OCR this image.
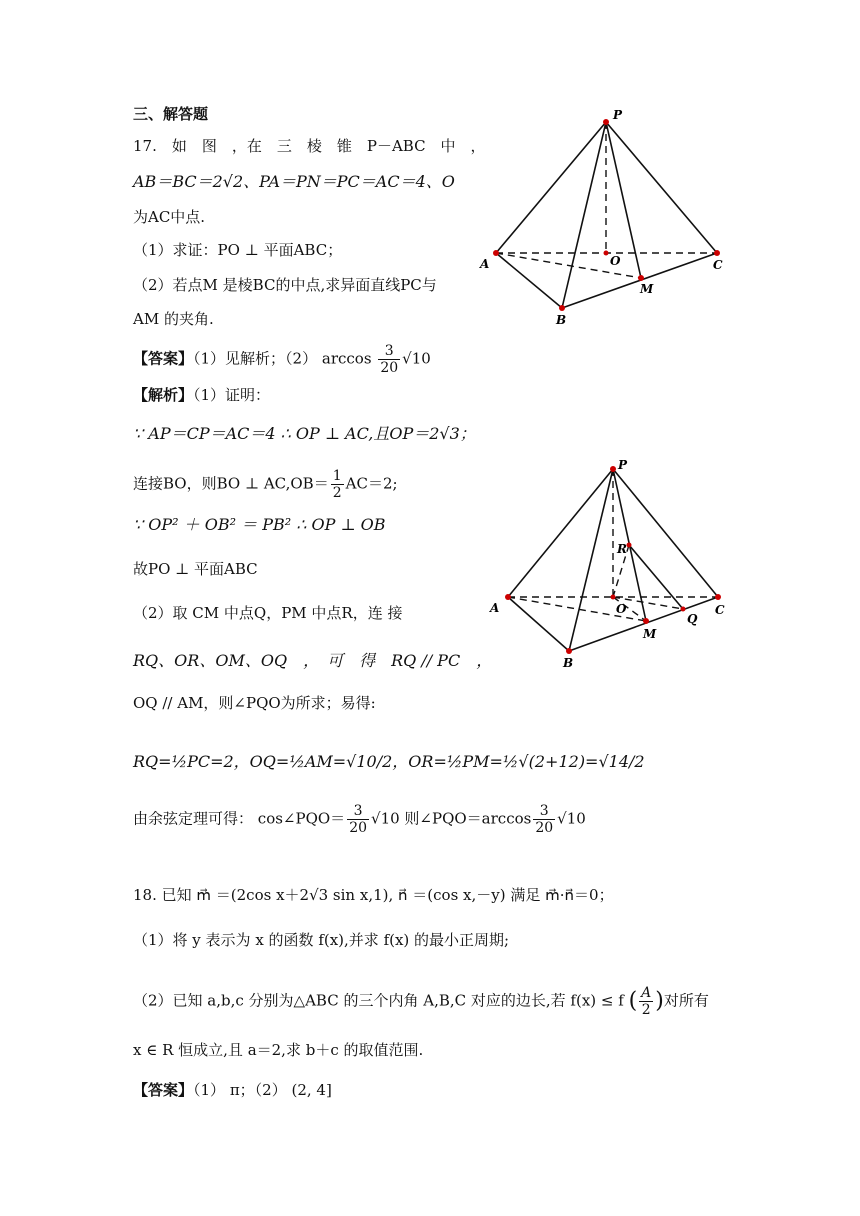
三、解答题
17.　如　图　，在　三　棱　锥　P－ABC　中　，
AB＝BC＝2√2、PA＝PN＝PC＝AC＝4、O
为AC中点.
（1）求证：PO ⊥ 平面ABC；
（2）若点M 是棱BC的中点,求异面直线PC与
AM 的夹角.
【答案】（1）见解析；（2） $\arccos \frac{3}{20} √10$
【解析】（1）证明：
∵ AP＝CP＝AC＝4 ∴ OP ⊥ AC,且OP＝2√3；
连接BO，则BO ⊥ $AC,OB= \frac{1}{2} AC=2$;
∵ OP² ＋ OB² ＝ PB² ∴ OP ⊥ OB
故PO ⊥ 平面ABC
（2）取 CM 中点Q，PM 中点R，连 接
RQ、OR、OM、OQ　，　可　得　RQ // PC　，
OQ // AM，则∠PQO为所求；易得:
RQ=½PC=2，OQ=½AM=√10/2，OR=½PM=½√(2+12)=√14/2
由余弦定理可得： cos∠PQO＝ $\frac{3}{20} √10$ 则∠PQO＝arccos $\frac{3}{20} √10$
18. 已知 m⃗ ＝(2cos x＋2√3 sin x,1), n⃗ ＝(cos x,－y) 满足 m⃗·n⃗＝0；
（1）将 y 表示为 x 的函数 f(x),并求 f(x) 的最小正周期;
（2）已知 a,b,c 分别为△ABC 的三个内角 A,B,C 对应的边长,若 f(x) ≤ f ( $\frac{A}{2}$ )对所有
x ∈ R 恒成立,且 a＝2,求 b＋c 的取值范围.
【答案】（1） π；（2） (2, 4]
P
A	O	C
M
B
P
R
A	O
Q
C
M
B
